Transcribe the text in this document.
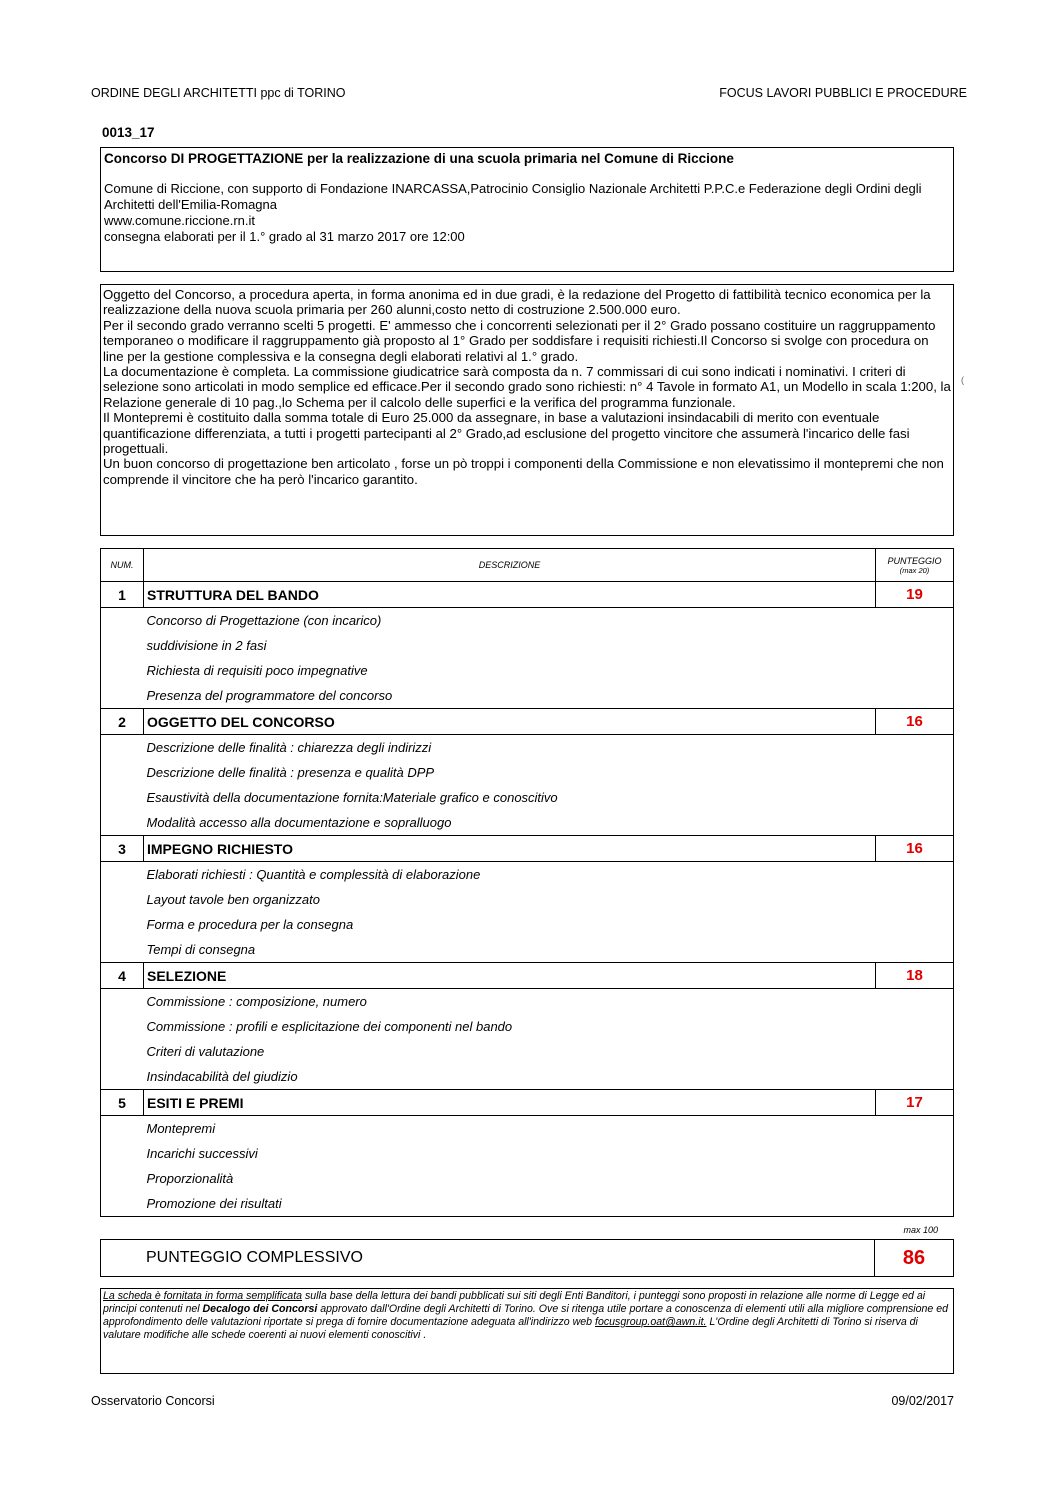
ORDINE DEGLI ARCHITETTI ppc di TORINO	FOCUS LAVORI PUBBLICI E PROCEDURE
0013_17
Concorso DI PROGETTAZIONE per la realizzazione di una scuola primaria nel Comune di Riccione
Comune di Riccione, con supporto di Fondazione INARCASSA,Patrocinio Consiglio Nazionale Architetti P.P.C.e Federazione degli Ordini degli Architetti dell'Emilia-Romagna
www.comune.riccione.rn.it
consegna elaborati per il 1.° grado al 31 marzo 2017 ore 12:00

Oggetto del Concorso, a procedura aperta, in forma anonima ed in due gradi, è la redazione del Progetto di fattibilità tecnico economica per la realizzazione della nuova scuola primaria per 260 alunni,costo netto di costruzione 2.500.000 euro.

Per il secondo grado verranno scelti 5 progetti. E' ammesso che i concorrenti selezionati per il 2° Grado possano costituire un raggruppamento temporaneo o modificare il raggruppamento già proposto al 1° Grado per soddisfare i requisiti richiesti.Il Concorso si svolge con procedura on line per la gestione complessiva e la consegna degli elaborati relativi al 1.° grado.

La documentazione è completa. La commissione giudicatrice sarà composta da n. 7 commissari di cui sono indicati i nominativi. I criteri di selezione sono articolati in modo semplice ed efficace.Per il secondo grado sono richiesti: n° 4 Tavole in formato A1, un Modello in scala 1:200, la Relazione generale di 10 pag.,lo Schema per il calcolo delle superfici e la verifica del programma funzionale.

Il Montepremi è costituito dalla somma totale di Euro 25.000 da assegnare, in base a valutazioni insindacabili di merito con eventuale quantificazione differenziata, a tutti i progetti partecipanti al 2° Grado,ad esclusione del progetto vincitore che assumerà l'incarico delle fasi progettuali.

Un buon concorso di progettazione ben articolato , forse un pò troppi i componenti della Commissione e non elevatissimo il montepremi che non comprende il vincitore che ha però l'incarico garantito.

(
NUM.	DESCRIZIONE	PUNTEGGIO
(max 20)

1	STRUTTURA DEL BANDO	19
	Concorso di Progettazione (con incarico)	
	suddivisione in 2 fasi	
	Richiesta di requisiti poco impegnative	
	Presenza del programmatore del concorso	
2	OGGETTO DEL CONCORSO	16
	Descrizione delle finalità : chiarezza degli indirizzi	
	Descrizione delle finalità : presenza e qualità DPP	
	Esaustività della documentazione fornita:Materiale grafico e conoscitivo	
	Modalità accesso alla documentazione e sopralluogo	
3	IMPEGNO RICHIESTO	16
	Elaborati richiesti : Quantità e complessità di elaborazione	
	Layout tavole ben organizzato	
	Forma e procedura per la consegna	
	Tempi di consegna	
4	SELEZIONE	18
	Commissione : composizione, numero	
	Commissione : profili e esplicitazione dei componenti nel bando	
	Criteri di valutazione	
	Insindacabilità del giudizio	
5	ESITI E PREMI	17
	Montepremi	
	Incarichi successivi	
	Proporzionalità	
	Promozione dei risultati	
max 100
PUNTEGGIO COMPLESSIVO	86
La scheda è fornitata in forma semplificata sulla base della lettura dei bandi pubblicati sui siti degli Enti Banditori, i punteggi sono proposti in relazione alle norme di Legge ed ai principi contenuti nel Decalogo dei Concorsi approvato dall'Ordine degli Architetti di Torino. Ove si ritenga utile portare a conoscenza di elementi utili alla migliore comprensione ed approfondimento delle valutazioni riportate si prega di fornire documentazione adeguata all'indirizzo web focusgroup.oat@awn.it. L'Ordine degli Architetti di Torino si riserva di valutare modifiche alle schede coerenti ai nuovi elementi conoscitivi .
Osservatorio Concorsi	09/02/2017
